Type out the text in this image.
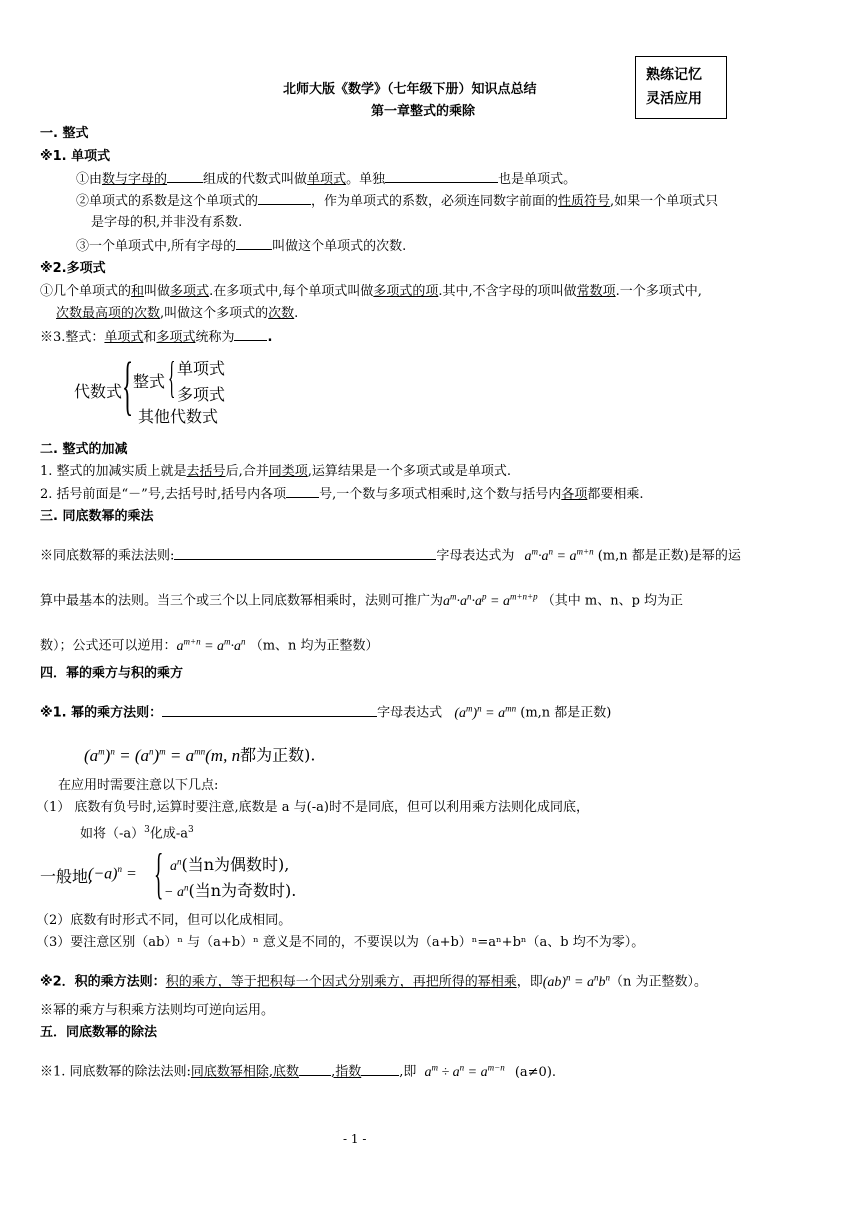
熟练记忆
灵活应用
北师大版《数学》（七年级下册）知识点总结
第一章整式的乘除
一. 整式
※1. 单项式
①由数与字母的	组成的代数式叫做单项式。单独	也是单项式。
②单项式的系数是这个单项式的	，作为单项式的系数，必须连同数字前面的性质符号,如果一个单项式只
是字母的积,并非没有系数.
③一个单项式中,所有字母的	叫做这个单项式的次数.
※2.多项式
①几个单项式的和叫做多项式.在多项式中,每个单项式叫做多项式的项.其中,不含字母的项叫做常数项.一个多项式中,
次数最高项的次数,叫做这个多项式的次数.
※3.整式：单项式和多项式统称为	.
代数式 { 整式 { 单项式
多项式
其他代数式
二. 整式的加减
1. 整式的加减实质上就是去括号后,合并同类项,运算结果是一个多项式或是单项式.
2. 括号前面是“－”号,去括号时,括号内各项	号,一个数与多项式相乘时,这个数与括号内各项都要相乘.
三. 同底数幂的乘法
※同底数幂的乘法法则:	字母表达式为 $a^m\cdot a^n = a^{m+n}$ (m,n 都是正数)是幂的运
算中最基本的法则。当三个或三个以上同底数幂相乘时，法则可推广为$a^m\cdot a^n\cdot a^p = a^{m+n+p}$ （其中 m、n、p 均为正
数）；公式还可以逆用：$a^{m+n} = a^m\cdot a^n$ （m、n 均为正整数）
四．幂的乘方与积的乘方
※1. 幂的乘方法则：	字母表达式 $(a^m)^n = a^{mn}$ (m,n 都是正数)
$(a^m)^n = (a^n)^m = a^{mn}(m$, n都为正数).
在应用时需要注意以下几点:
（1） 底数有负号时,运算时要注意,底数是 a 与(-a)时不是同底，但可以利用乘方法则化成同底，
如将$(-a)^3$化成$-a^3$
一般地,
$(-a)^n$ = { $a^n$(当n为偶数时),
− $a^n$(当n为奇数时).
（2）底数有时形式不同，但可以化成相同。
（3）要注意区别（ab）ⁿ 与（a+b）ⁿ 意义是不同的，不要误以为（a+b）ⁿ=aⁿ+bⁿ（a、b 均不为零）。
※2．积的乘方法则：积的乘方，等于把积每一个因式分别乘方，再把所得的幂相乘，即$(ab)^n = a^nb^n(n$ 为正整数）。
※幂的乘方与积乘方法则均可逆向运用。
五．同底数幂的除法
※1. 同底数幂的除法法则:同底数幂相除,底数 ,指数	,即 $a^m \div a^n = a^{m-n}$ (a≠0).
- 1 -
